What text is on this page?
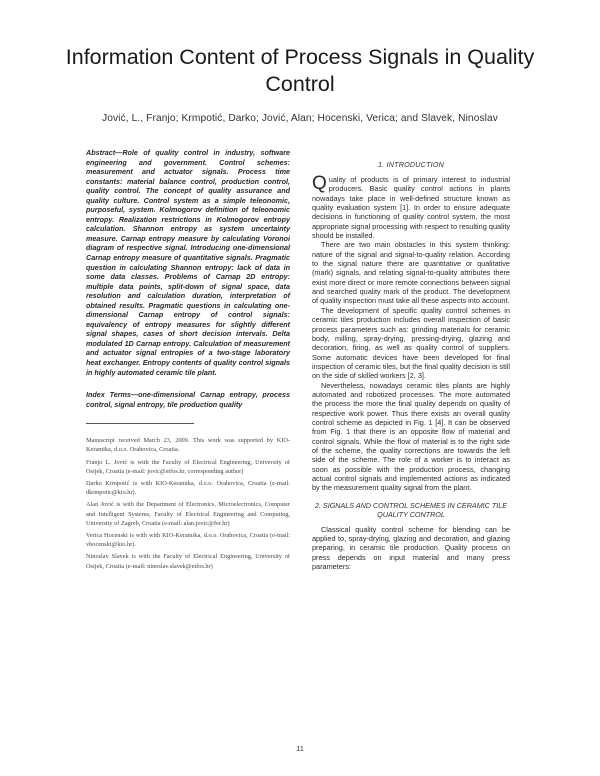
Information Content of Process Signals in Quality Control
Jović, L., Franjo; Krmpotić, Darko; Jović, Alan; Hocenski, Verica; and Slavek, Ninoslav

Abstract—Role of quality control in industry, software engineering and government. Control schemes: measurement and actuator signals. Process time constants: material balance control, production control, quality control. The concept of quality assurance and quality culture. Control system as a simple teleonomic, purposeful, system. Kolmogorov definition of teleonomic entropy. Realization restrictions in Kolmogorov entropy calculation. Shannon entropy as system uncertainty measure. Carnap entropy measure by calculating Voronoi diagram of respective signal. Introducing one-dimensional Carnap entropy measure of quantitative signals. Pragmatic question in calculating Shannon entropy: lack of data in some data classes. Problems of Carnap 2D entropy: multiple data points, split-down of signal space, data resolution and calculation duration, interpretation of obtained results. Pragmatic questions in calculating one-dimensional Carnap entropy of control signals: equivalency of entropy measures for slightly different signal shapes, cases of short decision intervals. Delta modulated 1D Carnap entropy. Calculation of measurement and actuator signal entropies of a two-stage laboratory heat exchanger. Entropy contents of quality control signals in highly automated ceramic tile plant.

Index Terms—one-dimensional Carnap entropy, process control, signal entropy, tile production quality

Manuscript received March 23, 2009. This work was supported by KIO-Keramika, d.o.o. Orahovica, Croatia.

Franjo L. Jović is with the Faculty of Electrical Engineering, University of Osijek, Croatia (e-mail: jovic@etfos.hr, corresponding author)

Darko Krmpotić is with KIO-Keramika, d.o.o. Orahovica, Croatia (e-mail: dkrmpotic@kio.hr).

Alan Jović is with the Department of Electronics, Microelectronics, Computer and Intelligent Systems, Faculty of Electrical Engineering and Computing, University of Zagreb, Croatia (e-mail: alan.jovic@fer.hr)

Verica Hocenski is with with KIO-Keramika, d.o.o. Orahovica, Croatia (e-mail: vhocenski@kio.hr).

Ninoslav Slavek is with the Faculty of Electrical Engineering, University of Osijek, Croatia (e-mail: ninoslav.slavek@etfos.hr)

1. INTRODUCTION

Quality of products is of primary interest to industrial producers. Basic quality control actions in plants nowadays take place in well-defined structure known as quality evaluation system [1]. In order to ensure adequate decisions in functioning of quality control system, the most appropriate signal processing with respect to resulting quality should be installed.

There are two main obstacles in this system thinking: nature of the signal and signal-to-quality relation. According to the signal nature there are quantitative or qualitative (mark) signals, and relating signal-to-quality attributes there exist more direct or more remote connections between signal and searched quality mark of the product. The development of quality inspection must take all these aspects into account.

The development of specific quality control schemes in ceramic tiles production includes overall inspection of basic process parameters such as: grinding materials for ceramic body, milling, spray-drying, pressing-drying, glazing and decoration, firing, as well as quality control of suppliers. Some automatic devices have been developed for final inspection of ceramic tiles, but the final quality decision is still on the side of skilled workers [2, 3].

Nevertheless, nowadays ceramic tiles plants are highly automated and robotized processes. The more automated the process the more the final quality depends on quality of respective work power. Thus there exists an overall quality control scheme as depicted in Fig. 1 [4]. It can be observed from Fig. 1 that there is an opposite flow of material and control signals. While the flow of material is to the right side of the scheme, the quality corrections are towards the left side of the scheme. The role of a worker is to interact as soon as possible with the production process, changing actual control signals and implemented actions as indicated by the measurement quality signal from the plant.

2. SIGNALS AND CONTROL SCHEMES IN CERAMIC TILE QUALITY CONTROL

Classical quality control scheme for blending can be applied to, spray-drying, glazing and decoration, and glazing preparing, in ceramic tile production. Quality process on press depends on input material and many press parameters:

11
